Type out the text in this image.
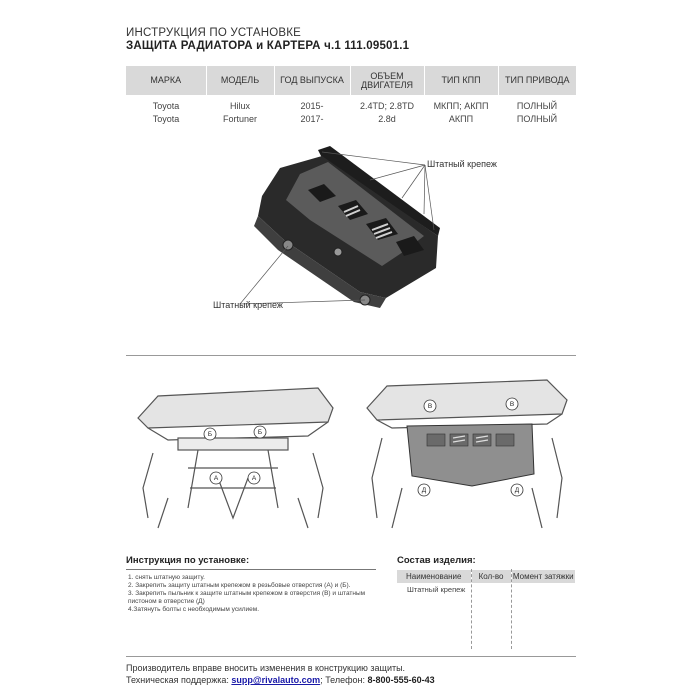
ИНСТРУКЦИЯ ПО УСТАНОВКЕ
ЗАЩИТА РАДИАТОРА и КАРТЕРА ч.1 111.09501.1
МАРКА	МОДЕЛЬ	ГОД ВЫПУСКА	ОБЪЕМ ДВИГАТЕЛЯ	ТИП КПП	ТИП ПРИВОДА
Toyota	Hilux	2015-	2.4TD; 2.8TD	МКПП; АКПП	ПОЛНЫЙ
Toyota	Fortuner	2017-	2.8d	АКПП	ПОЛНЫЙ
Штатный крепеж
Штатный крепеж
Б	Б
А	А
В	В
Д	Д
Инструкция по установке:
1. снять штатную защиту.
2. Закрепить защиту штатным крепежом в резьбовые отверстия (А) и (Б).
3. Закрепить пыльник к защите штатным крепежом в отверстия (В) и штатным
пистоном в отверстие (Д)
4.Затянуть болты с необходимым усилием.
Состав изделия:
Наименование	Кол-во	Момент затяжки
Штатный крепеж		
Производитель вправе вносить изменения в конструкцию защиты.
Техническая поддержка: supp@rivalauto.com; Телефон: 8-800-555-60-43
